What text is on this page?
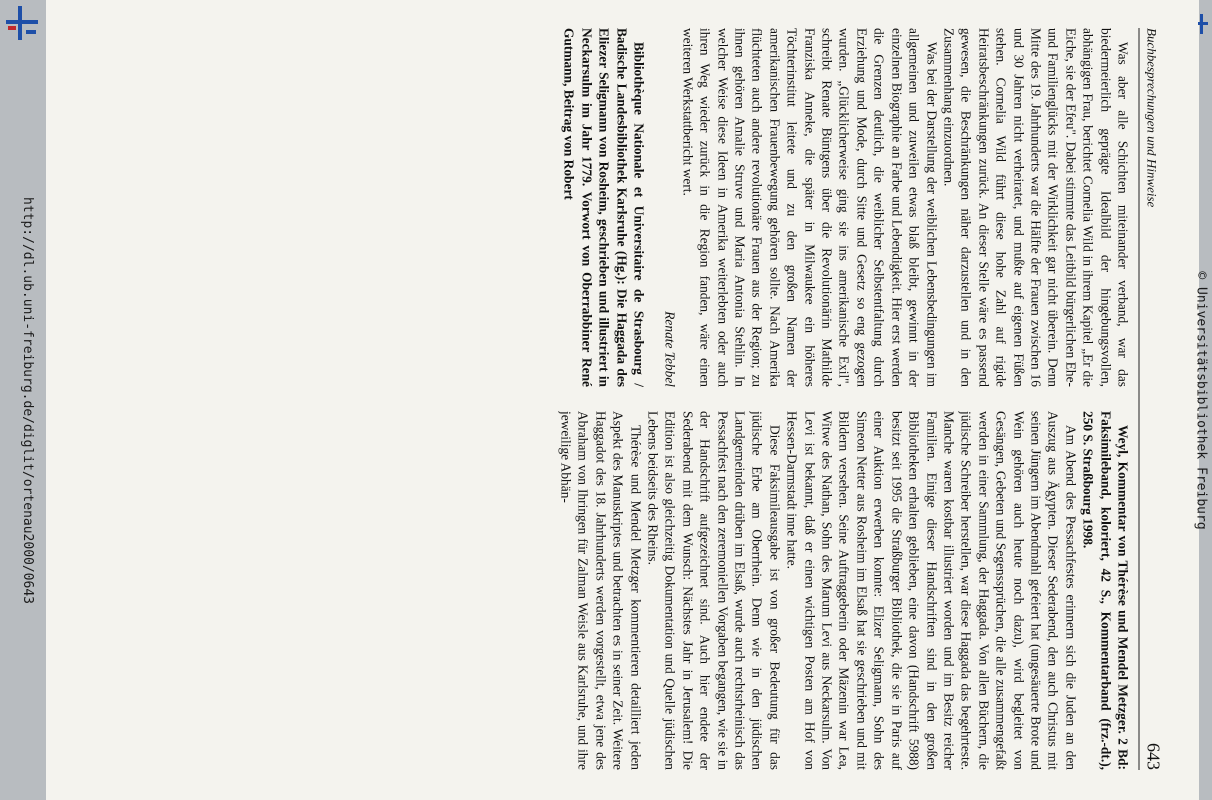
Buchbesprechungen und Hinweise
643

Was aber alle Schichten miteinander verband, war das biedermeierlich geprägte Idealbild der hingebungsvollen, abhängigen Frau, berichtet Cornelia Wild in ihrem Kapitel „Er die Eiche, sie der Efeu". Dabei stimmte das Leitbild bürgerlichen Ehe- und Familienglücks mit der Wirklichkeit gar nicht überein. Denn Mitte des 19. Jahrhunderts war die Hälfte der Frauen zwischen 16 und 30 Jahren nicht verheiratet, und mußte auf eigenen Füßen stehen. Cornelia Wild führt diese hohe Zahl auf rigide Heiratsbeschränkungen zurück. An dieser Stelle wäre es passend gewesen, die Beschränkungen näher darzustellen und in den Zusammenhang einzuordnen.

Was bei der Darstellung der weiblichen Lebensbedingungen im allgemeinen und zuweilen etwas blaß bleibt, gewinnt in der einzelnen Biographie an Farbe und Lebendigkeit. Hier erst werden die Grenzen deutlich, die weiblicher Selbstentfaltung durch Erziehung und Mode, durch Sitte und Gesetz so eng gezogen wurden. „Glücklicherweise ging sie ins amerikanische Exil", schreibt Renate Büntgens über die Revolutionärin Mathilde Franziska Anneke, die später in Milwaukee ein höheres Töchterinstitut leitete und zu den großen Namen der amerikanischen Frauenbewegung gehören sollte. Nach Amerika flüchteten auch andere revolutionäre Frauen aus der Region; zu ihnen gehören Amalie Struve und Maria Antonia Stehlin. In welcher Weise diese Ideen in Amerika weiterlebten oder auch ihren Weg wieder zurück in die Region fanden, wäre einen weiteren Werkstattbericht wert.

Renate Tebbel

Bibliothèque Nationale et Universitaire de Strasbourg / Badische Landesbibliothek Karlsruhe (Hg.): Die Haggada des Eliezer Seligmann von Rosheim, geschrieben und illustriert in Neckarsulm im Jahr 1779. Vorwort von Oberrabbiner René Gutmann, Beitrag von Robert

Weyl, Kommentar von Thérèse und Mendel Metzger. 2 Bd: Faksimileband, koloriert, 42 S., Kommentarband (frz.-dt.), 250 S. Straßbourg 1998.

Am Abend des Pessachfestes erinnern sich die Juden an den Auszug aus Ägypten. Dieser Sederabend, den auch Christus mit seinen Jüngern im Abendmahl gefeiert hat (ungesäuerte Brote und Wein gehören auch heute noch dazu), wird begleitet von Gesängen, Gebeten und Segenssprüchen, die alle zusammengefaßt werden in einer Sammlung, der Haggada. Von allen Büchern, die jüdische Schreiber herstellen, war diese Haggada das begehrteste. Manche waren kostbar illustriert worden und im Besitz reicher Familien. Einige dieser Handschriften sind in den großen Bibliotheken erhalten geblieben, eine davon (Handschrift 5988) besitzt seit 1995 die Straßburger Bibliothek, die sie in Paris auf einer Auktion erwerben konnte: Elizer Seligmann, Sohn des Simeon Netter aus Rosheim im Elsaß hat sie geschrieben und mit Bildern versehen. Seine Auftraggeberin oder Mäzenin war Lea, Witwe des Nathan, Sohn des Marum Levi aus Neckarsulm. Von Levi ist bekannt, daß er einen wichtigen Posten am Hof von Hessen-Darmstadt inne hatte.

Diese Faksimileausgabe ist von großer Bedeutung für das jüdische Erbe am Oberrhein. Denn wie in den jüdischen Landgemeinden drüben im Elsaß, wurde auch rechtsrheinisch das Pessachfest nach den zeremoniellen Vorgaben begangen, wie sie in der Handschrift aufgezeichnet sind. Auch hier endete der Sederabend mit dem Wunsch: Nächstes Jahr in Jerusalem! Die Edition ist also gleichzeitig Dokumentation und Quelle jüdischen Lebens beidseits des Rheins.

Thérèse und Mendel Metzger kommentieren detailliert jeden Aspekt des Manuskriptes und betrachten es in seiner Zeit. Weitere Haggadot des 18. Jahrhunderts werden vorgestellt, etwa jene des Abraham von Ihringen für Zalman Weisle aus Karlsruhe, und ihre jeweilige Abhän-

http://dl.ub.uni-freiburg.de/diglit/ortenau2000/0643	© Universitätsbibliothek Freiburg
